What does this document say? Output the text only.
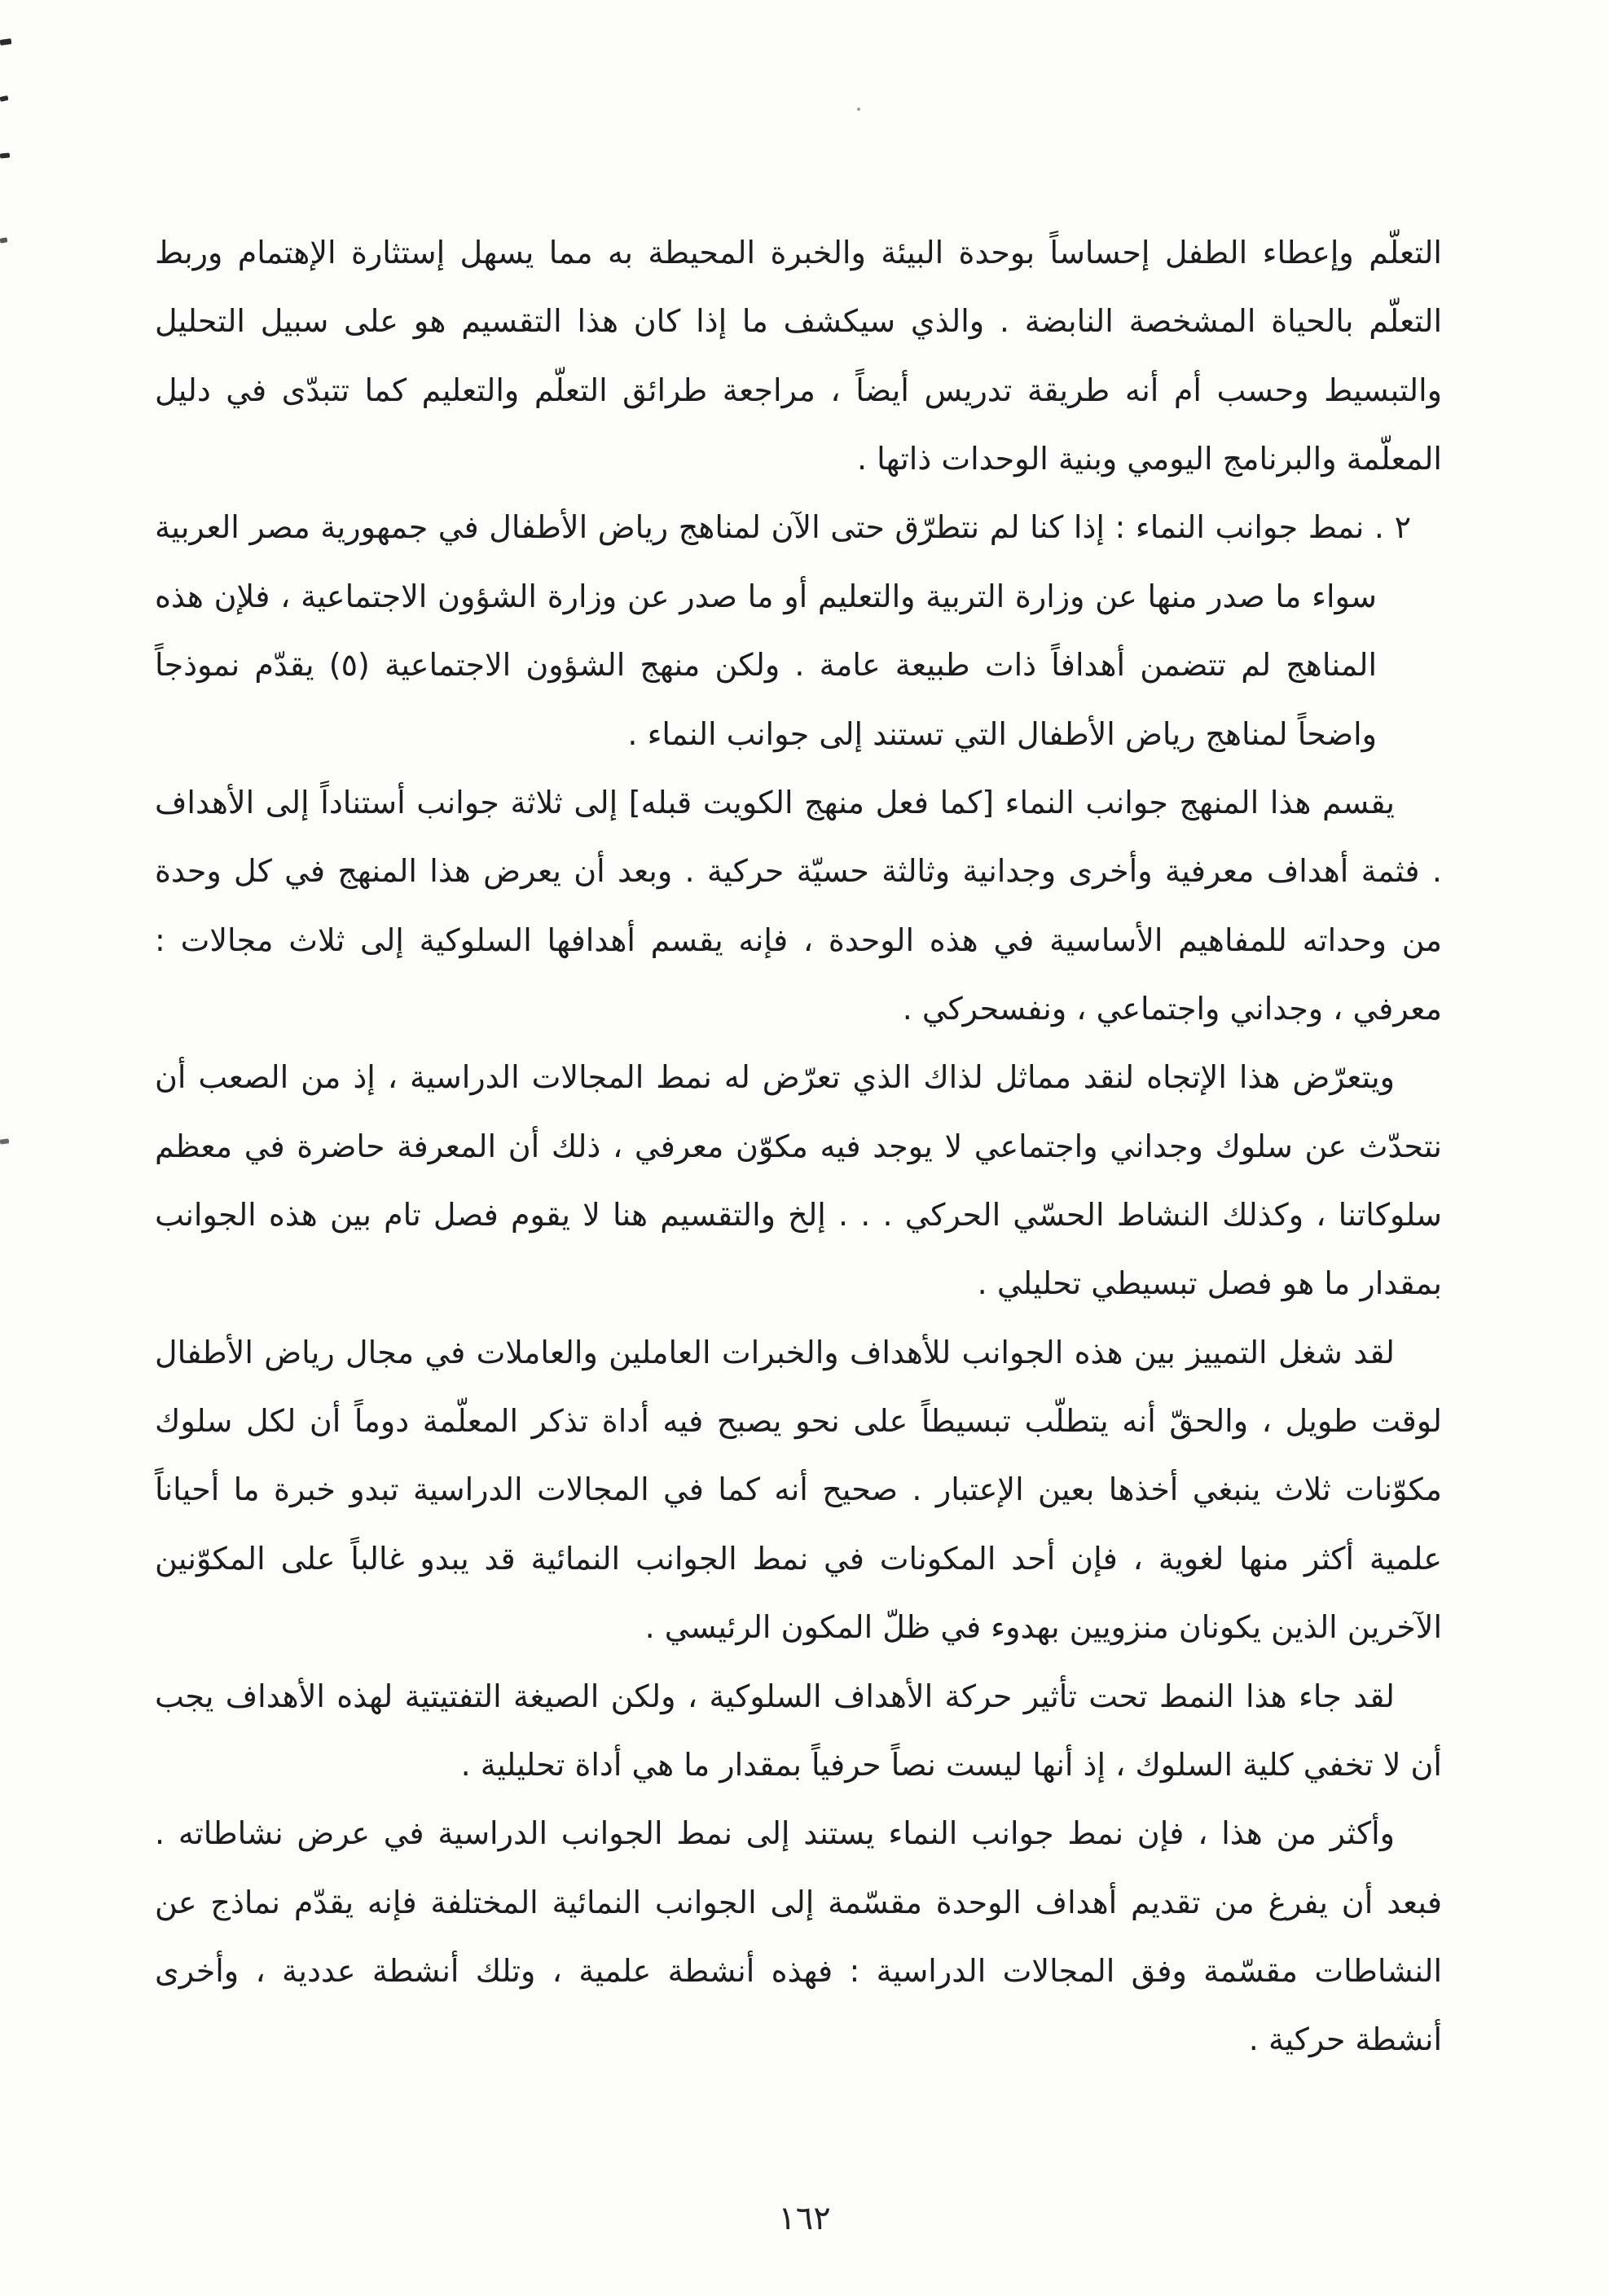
التعلّم وإعطاء الطفل إحساساً بوحدة البيئة والخبرة المحيطة به مما يسهل إستثارة الإهتمام وربط التعلّم بالحياة المشخصة النابضة . والذي سيكشف ما إذا كان هذا التقسيم هو على سبيل التحليل والتبسيط وحسب أم أنه طريقة تدريس أيضاً ، مراجعة طرائق التعلّم والتعليم كما تتبدّى في دليل المعلّمة والبرنامج اليومي وبنية الوحدات ذاتها .

٢ . نمط جوانب النماء : إذا كنا لم نتطرّق حتى الآن لمناهج رياض الأطفال في جمهورية مصر العربية سواء ما صدر منها عن وزارة التربية والتعليم أو ما صدر عن وزارة الشؤون الاجتماعية ، فلإن هذه المناهج لم تتضمن أهدافاً ذات طبيعة عامة . ولكن منهج الشؤون الاجتماعية (٥) يقدّم نموذجاً واضحاً لمناهج رياض الأطفال التي تستند إلى جوانب النماء .

يقسم هذا المنهج جوانب النماء [كما فعل منهج الكويت قبله] إلى ثلاثة جوانب أستناداً إلى الأهداف . فثمة أهداف معرفية وأخرى وجدانية وثالثة حسيّة حركية . وبعد أن يعرض هذا المنهج في كل وحدة من وحداته للمفاهيم الأساسية في هذه الوحدة ، فإنه يقسم أهدافها السلوكية إلى ثلاث مجالات : معرفي ، وجداني واجتماعي ، ونفسحركي .

ويتعرّض هذا الإتجاه لنقد مماثل لذاك الذي تعرّض له نمط المجالات الدراسية ، إذ من الصعب أن نتحدّث عن سلوك وجداني واجتماعي لا يوجد فيه مكوّن معرفي ، ذلك أن المعرفة حاضرة في معظم سلوكاتنا ، وكذلك النشاط الحسّي الحركي . . . إلخ والتقسيم هنا لا يقوم فصل تام بين هذه الجوانب بمقدار ما هو فصل تبسيطي تحليلي .

لقد شغل التمييز بين هذه الجوانب للأهداف والخبرات العاملين والعاملات في مجال رياض الأطفال لوقت طويل ، والحقّ أنه يتطلّب تبسيطاً على نحو يصبح فيه أداة تذكر المعلّمة دوماً أن لكل سلوك مكوّنات ثلاث ينبغي أخذها بعين الإعتبار . صحيح أنه كما في المجالات الدراسية تبدو خبرة ما أحياناً علمية أكثر منها لغوية ، فإن أحد المكونات في نمط الجوانب النمائية قد يبدو غالباً على المكوّنين الآخرين الذين يكونان منزويين بهدوء في ظلّ المكون الرئيسي .

لقد جاء هذا النمط تحت تأثير حركة الأهداف السلوكية ، ولكن الصيغة التفتيتية لهذه الأهداف يجب أن لا تخفي كلية السلوك ، إذ أنها ليست نصاً حرفياً بمقدار ما هي أداة تحليلية .

وأكثر من هذا ، فإن نمط جوانب النماء يستند إلى نمط الجوانب الدراسية في عرض نشاطاته . فبعد أن يفرغ من تقديم أهداف الوحدة مقسّمة إلى الجوانب النمائية المختلفة فإنه يقدّم نماذج عن النشاطات مقسّمة وفق المجالات الدراسية : فهذه أنشطة علمية ، وتلك أنشطة عددية ، وأخرى أنشطة حركية .

١٦٢
